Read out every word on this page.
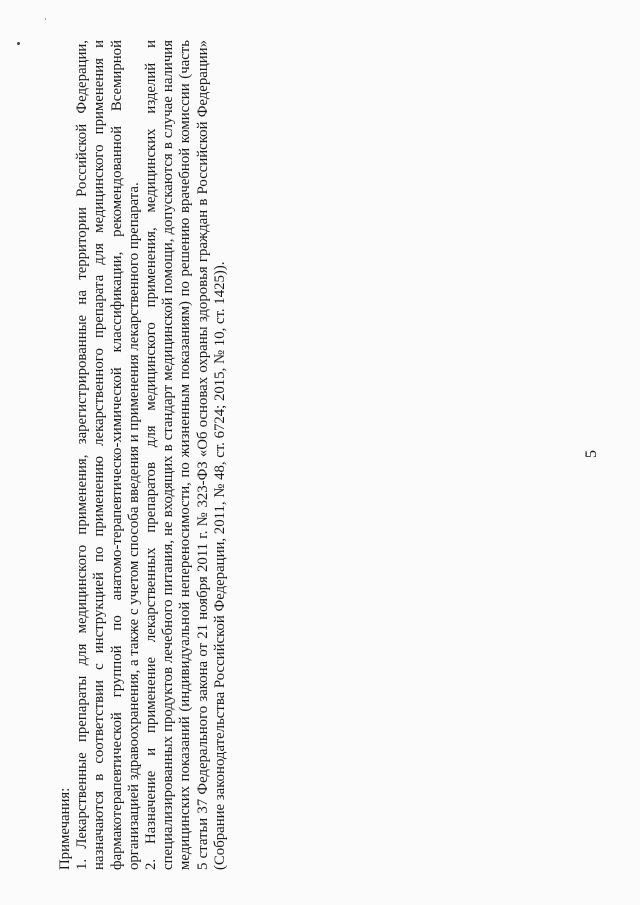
Примечания: 1. Лекарственные препараты для медицинского применения, зарегистрированные на территории Российской Федерации, назначаются в соответствии с инструкцией по применению лекарственного препарата для медицинского применения и фармакотерапевтической группой по анатомо-терапевтическо-химической классификации, рекомендованной Всемирной организацией здравоохранения, а также с учетом способа введения и применения лекарственного препарата. 2. Назначение и применение лекарственных препаратов для медицинского применения, медицинских изделий и специализированных продуктов лечебного питания, не входящих в стандарт медицинской помощи, допускаются в случае наличия медицинских показаний (индивидуальной непереносимости, по жизненным показаниям) по решению врачебной комиссии (часть 5 статьи 37 Федерального закона от 21 ноября 2011 г. № 323-ФЗ «Об основах охраны здоровья граждан в Российской Федерации» (Собрание законодательства Российской Федерации, 2011, № 48, ст. 6724; 2015, № 10, ст. 1425)).	5
